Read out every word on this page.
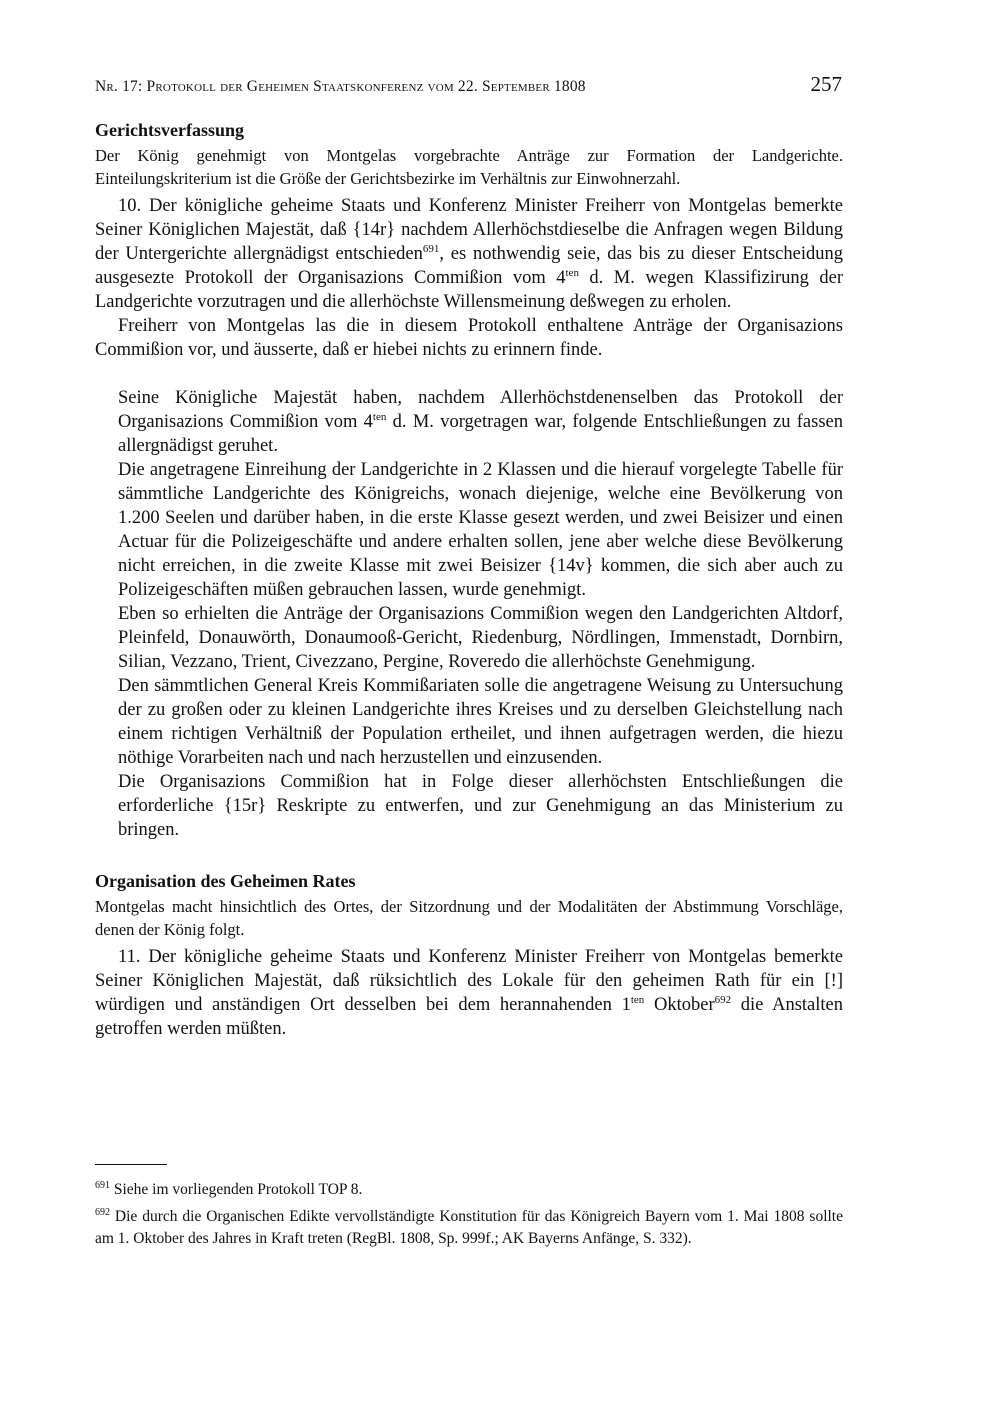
Nr. 17: Protokoll der Geheimen Staatskonferenz vom 22. September 1808	257
Gerichtsverfassung

Der König genehmigt von Montgelas vorgebrachte Anträge zur Formation der Landgerichte. Einteilungskriterium ist die Größe der Gerichtsbezirke im Verhältnis zur Einwohnerzahl.

10. Der königliche geheime Staats und Konferenz Minister Freiherr von Montgelas bemerkte Seiner Königlichen Majestät, daß {14r} nachdem Allerhöchstdieselbe die Anfragen wegen Bildung der Untergerichte allergnädigst entschieden$^{691}$, es nothwendig seie, das bis zu dieser Entscheidung ausgesezte Protokoll der Organisazions Commißion vom $4^{ten}$ d. M. wegen Klassifizirung der Landgerichte vorzutragen und die allerhöchste Willensmeinung deßwegen zu erholen.

Freiherr von Montgelas las die in diesem Protokoll enthaltene Anträge der Organisazions Commißion vor, und äusserte, daß er hiebei nichts zu erinnern finde.

Seine Königliche Majestät haben, nachdem Allerhöchstdenenselben das Protokoll der Organisazions Commißion vom $4^{ten}$ d. M. vorgetragen war, folgende Entschließungen zu fassen allergnädigst geruhet.

Die angetragene Einreihung der Landgerichte in 2 Klassen und die hierauf vorgelegte Tabelle für sämmtliche Landgerichte des Königreichs, wonach diejenige, welche eine Bevölkerung von 1.200 Seelen und darüber haben, in die erste Klasse gesezt werden, und zwei Beisizer und einen Actuar für die Polizeigeschäfte und andere erhalten sollen, jene aber welche diese Bevölkerung nicht erreichen, in die zweite Klasse mit zwei Beisizer {14v} kommen, die sich aber auch zu Polizeigeschäften müßen gebrauchen lassen, wurde genehmigt.

Eben so erhielten die Anträge der Organisazions Commißion wegen den Landgerichten Altdorf, Pleinfeld, Donauwörth, Donaumooß-Gericht, Riedenburg, Nördlingen, Immenstadt, Dornbirn, Silian, Vezzano, Trient, Civezzano, Pergine, Roveredo die allerhöchste Genehmigung.

Den sämmtlichen General Kreis Kommißariaten solle die angetragene Weisung zu Untersuchung der zu großen oder zu kleinen Landgerichte ihres Kreises und zu derselben Gleichstellung nach einem richtigen Verhältniß der Population ertheilet, und ihnen aufgetragen werden, die hiezu nöthige Vorarbeiten nach und nach herzustellen und einzusenden.

Die Organisazions Commißion hat in Folge dieser allerhöchsten Entschließungen die erforderliche {15r} Reskripte zu entwerfen, und zur Genehmigung an das Ministerium zu bringen.

Organisation des Geheimen Rates

Montgelas macht hinsichtlich des Ortes, der Sitzordnung und der Modalitäten der Abstimmung Vorschläge, denen der König folgt.

11. Der königliche geheime Staats und Konferenz Minister Freiherr von Montgelas bemerkte Seiner Königlichen Majestät, daß rüksichtlich des Lokale für den geheimen Rath für ein [!] würdigen und anständigen Ort desselben bei dem herannahenden $1^{ten}$ Oktober$^{692}$ die Anstalten getroffen werden müßten.

$^{691}$ Siehe im vorliegenden Protokoll TOP 8.

$^{692}$ Die durch die Organischen Edikte vervollständigte Konstitution für das Königreich Bayern vom 1. Mai 1808 sollte am 1. Oktober des Jahres in Kraft treten (RegBl. 1808, Sp. 999f.; AK Bayerns Anfänge, S. 332).
